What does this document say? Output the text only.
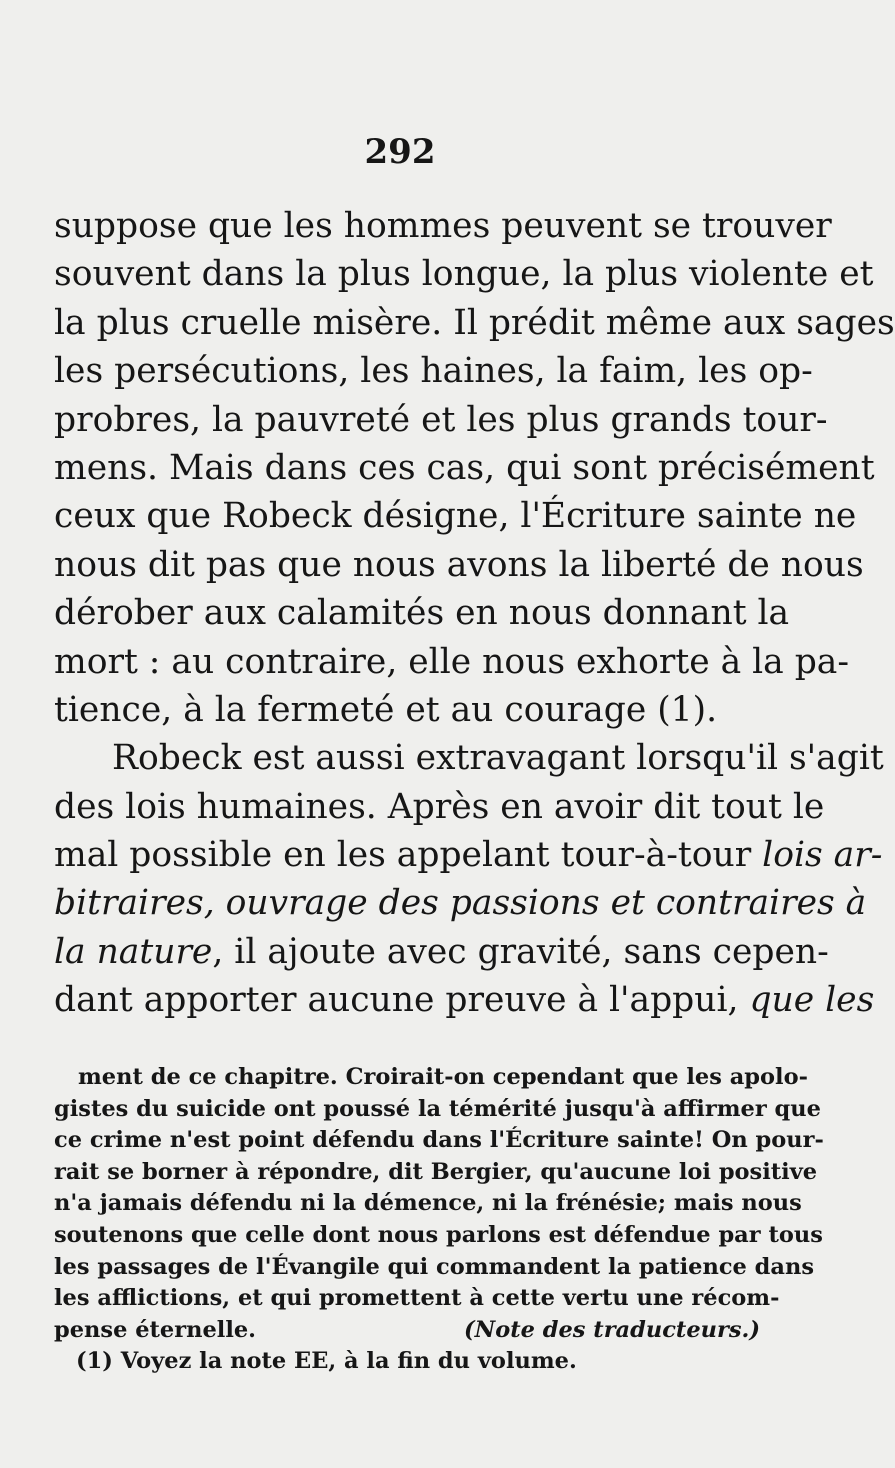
292
suppose que les hommes peuvent se trouver
souvent dans la plus longue, la plus violente et
la plus cruelle misère. Il prédit même aux sages
les persécutions, les haines, la faim, les op-
probres, la pauvreté et les plus grands tour-
mens. Mais dans ces cas, qui sont précisément
ceux que Robeck désigne, l'Écriture sainte ne
nous dit pas que nous avons la liberté de nous
dérober aux calamités en nous donnant la
mort : au contraire, elle nous exhorte à la pa-
tience, à la fermeté et au courage (1).
Robeck est aussi extravagant lorsqu'il s'agit
des lois humaines. Après en avoir dit tout le
mal possible en les appelant tour-à-tour lois ar-
bitraires, ouvrage des passions et contraires à
la nature, il ajoute avec gravité, sans cepen-
dant apporter aucune preuve à l'appui, que les
ment de ce chapitre. Croirait-on cependant que les apolo-
gistes du suicide ont poussé la témérité jusqu'à affirmer que
ce crime n'est point défendu dans l'Écriture sainte! On pour-
rait se borner à répondre, dit Bergier, qu'aucune loi positive
n'a jamais défendu ni la démence, ni la frénésie; mais nous
soutenons que celle dont nous parlons est défendue par tous
les passages de l'Évangile qui commandent la patience dans
les afflictions, et qui promettent à cette vertu une récom-
pense éternelle.	(Note des traducteurs.)
(1) Voyez la note EE, à la fin du volume.
